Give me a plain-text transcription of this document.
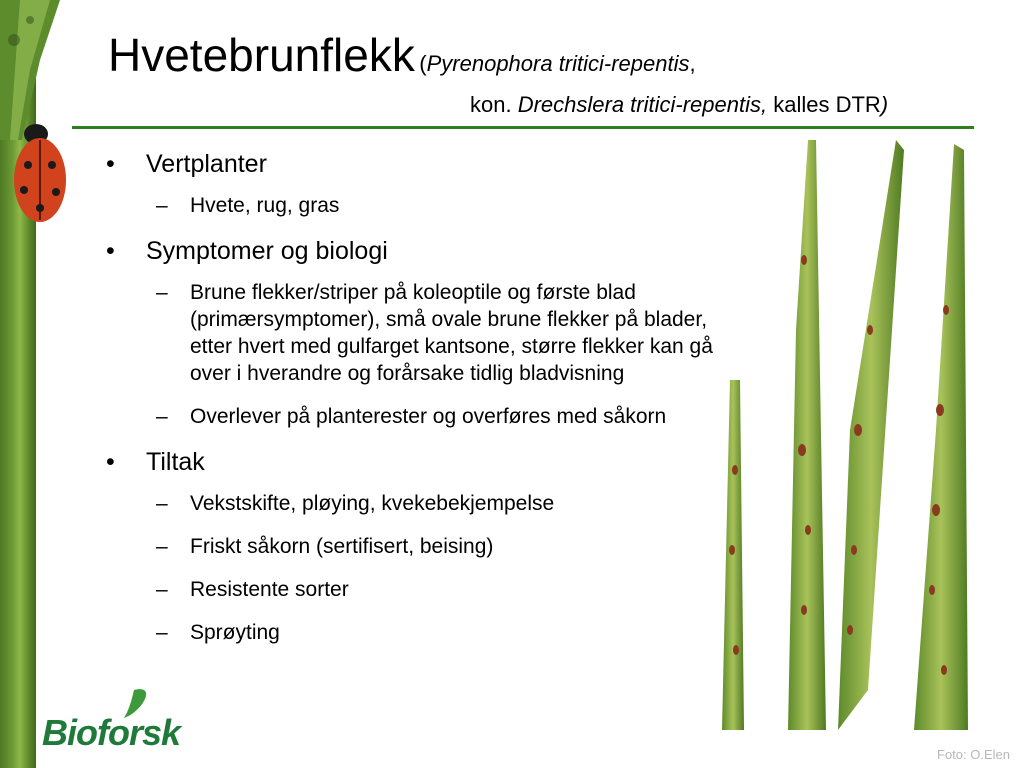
Hvetebrunflekk (Pyrenophora tritici-repentis,
kon. Drechslera tritici-repentis, kalles DTR)
• Vertplanter
– Hvete, rug, gras
• Symptomer og biologi
– Brune flekker/striper på koleoptile og første blad (primærsymptomer), små ovale brune flekker på blader, etter hvert med gulfarget kantsone, større flekker kan gå over i hverandre og forårsake tidlig bladvisning
– Overlever på planterester og overføres med såkorn
• Tiltak
– Vekstskifte, pløying, kvekebekjempelse
– Friskt såkorn (sertifisert, beising)
– Resistente sorter
– Sprøyting
Foto: O.Elen
Bioforsk
